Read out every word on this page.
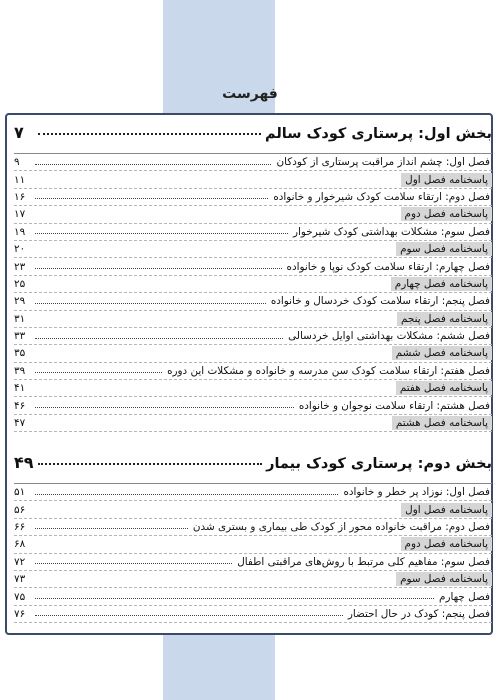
فهرست
بخش اول: پرستاری کودک سالم
۷
فصل اول: چشم انداز مراقبت پرستاری از کودکان
۹
پاسخنامه فصل اول
۱۱
فصل دوم: ارتقاء سلامت کودک شیرخوار و خانواده
۱۶
پاسخنامه فصل دوم
۱۷
فصل سوم: مشکلات بهداشتی کودک شیرخوار
۱۹
پاسخنامه فصل سوم
۲۰
فصل چهارم: ارتقاء سلامت کودک نوپا و خانواده
۲۳
پاسخنامه فصل چهارم
۲۵
فصل پنجم: ارتقاء سلامت کودک خردسال و خانواده
۲۹
پاسخنامه فصل پنجم
۳۱
فصل ششم: مشکلات بهداشتی اوایل خردسالی
۳۳
پاسخنامه فصل ششم
۳۵
فصل هفتم: ارتقاء سلامت کودک سن مدرسه و خانواده و مشکلات این دوره
۳۹
پاسخنامه فصل هفتم
۴۱
فصل هشتم: ارتقاء سلامت نوجوان و خانواده
۴۶
پاسخنامه فصل هشتم
۴۷
بخش دوم: پرستاری کودک بیمار
۴۹
فصل اول: نوزاد پر خطر و خانواده
۵۱
پاسخنامه فصل اول
۵۶
فصل دوم: مراقبت خانواده محور از کودک طی بیماری و بستری شدن
۶۶
پاسخنامه فصل دوم
۶۸
فصل سوم: مفاهیم کلی مرتبط با روش‌های مراقبتی اطفال
۷۲
پاسخنامه فصل سوم
۷۳
فصل چهارم
۷۵
فصل پنجم: کودک در حال احتضار
۷۶
